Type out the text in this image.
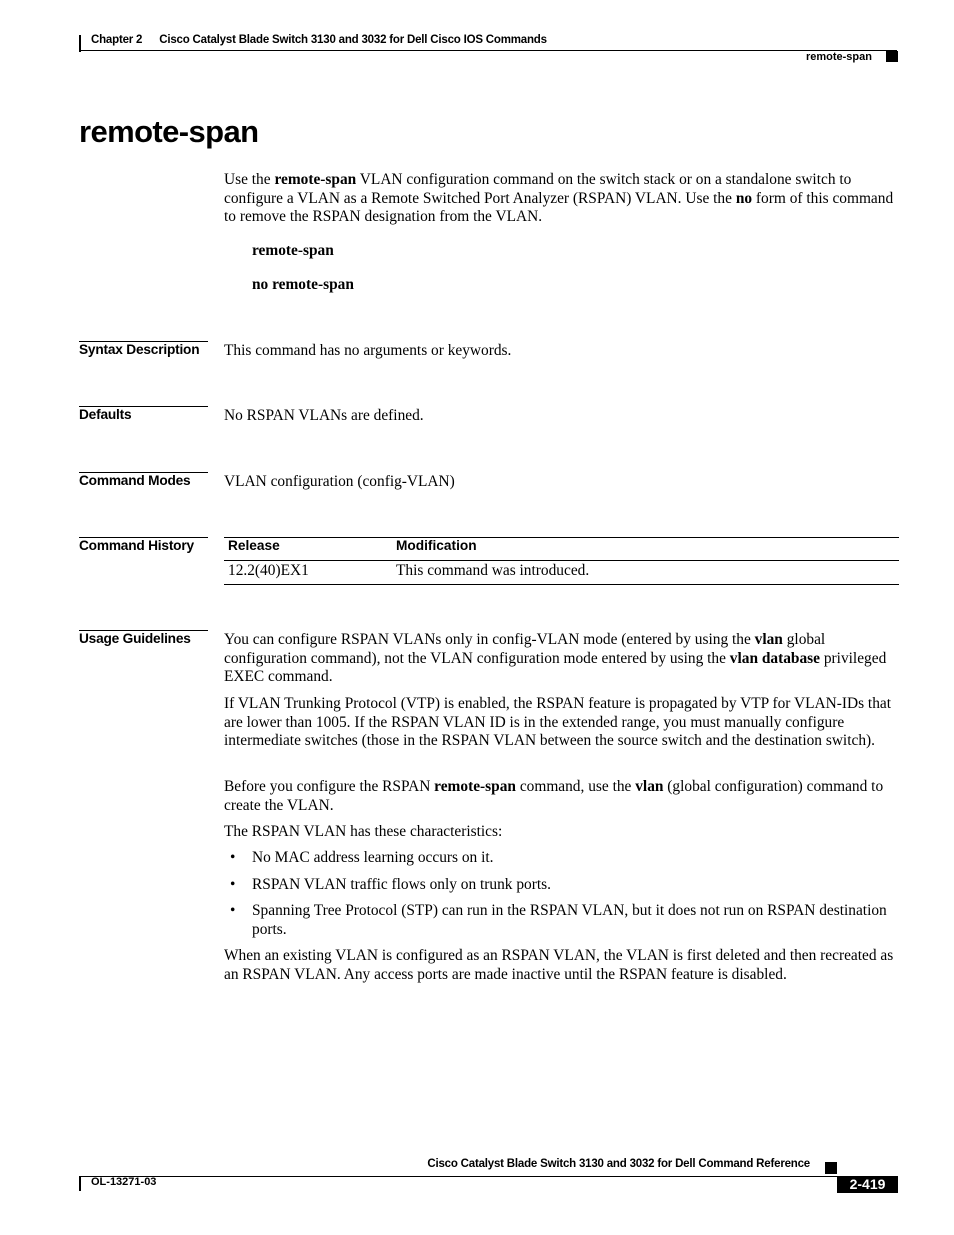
Chapter 2 Cisco Catalyst Blade Switch 3130 and 3032 for Dell Cisco IOS Commands
remote-span
remote-span

Use the remote-span VLAN configuration command on the switch stack or on a standalone switch to configure a VLAN as a Remote Switched Port Analyzer (RSPAN) VLAN. Use the no form of this command to remove the RSPAN designation from the VLAN.

remote-span

no remote-span

Syntax Description This command has no arguments or keywords.
Defaults	No RSPAN VLANs are defined.
Command Modes VLAN configuration (config-VLAN)
Command History Release	Modification
12.2(40)EX1	This command was introduced.
Usage Guidelines You can configure RSPAN VLANs only in config-VLAN mode (entered by using the vlan global configuration command), not the VLAN configuration mode entered by using the vlan database privileged EXEC command.

If VLAN Trunking Protocol (VTP) is enabled, the RSPAN feature is propagated by VTP for VLAN-IDs that are lower than 1005. If the RSPAN VLAN ID is in the extended range, you must manually configure intermediate switches (those in the RSPAN VLAN between the source switch and the destination switch).

Before you configure the RSPAN remote-span command, use the vlan (global configuration) command to create the VLAN.

The RSPAN VLAN has these characteristics:

• No MAC address learning occurs on it.

• RSPAN VLAN traffic flows only on trunk ports.

• Spanning Tree Protocol (STP) can run in the RSPAN VLAN, but it does not run on RSPAN destination ports.

When an existing VLAN is configured as an RSPAN VLAN, the VLAN is first deleted and then recreated as an RSPAN VLAN. Any access ports are made inactive until the RSPAN feature is disabled.

Cisco Catalyst Blade Switch 3130 and 3032 for Dell Command Reference
OL-13271-03	2-419
